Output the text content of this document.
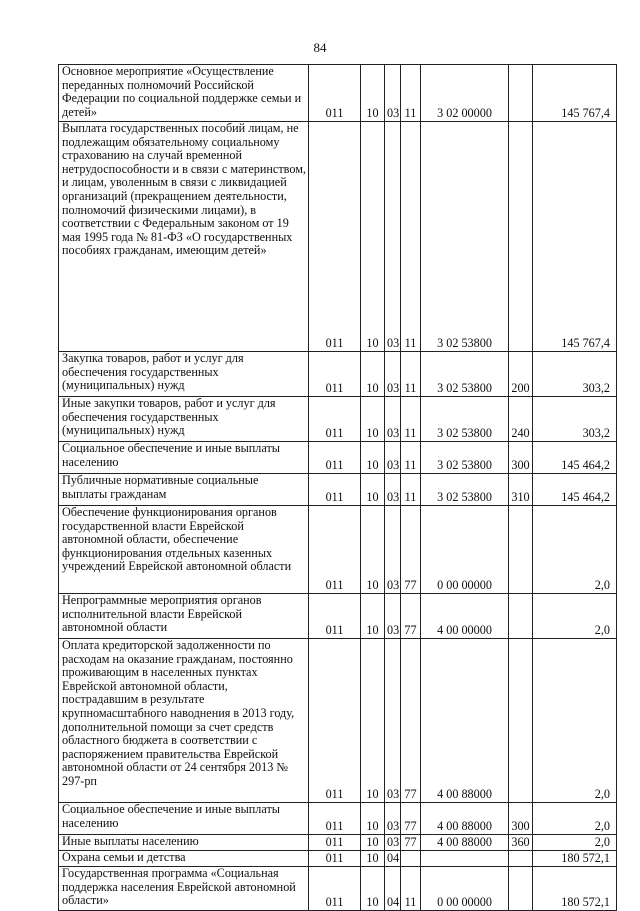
84
Основное мероприятие «Осуществление переданных полномочий Российской Федерации по социальной поддержке семьи и детей»	011	10	03	11	3 02 00000		145 767,4
Выплата государственных пособий лицам, не подлежащим обязательному социальному страхованию на случай временной нетрудоспособности и в связи с материнством, и лицам, уволенным в связи с ликвидацией организаций (прекращением деятельности, полномочий физическими лицами), в соответствии с Федеральным законом от 19 мая 1995 года № 81-ФЗ «О государственных пособиях гражданам, имеющим детей»	011	10	03	11	3 02 53800		145 767,4
Закупка товаров, работ и услуг для обеспечения государственных (муниципальных) нужд	011	10	03	11	3 02 53800	200	303,2
Иные закупки товаров, работ и услуг для обеспечения государственных (муниципальных) нужд	011	10	03	11	3 02 53800	240	303,2
Социальное обеспечение и иные выплаты населению	011	10	03	11	3 02 53800	300	145 464,2
Публичные нормативные социальные выплаты гражданам	011	10	03	11	3 02 53800	310	145 464,2
Обеспечение функционирования органов государственной власти Еврейской автономной области, обеспечение функционирования отдельных казенных учреждений Еврейской автономной области	011	10	03	77	0 00 00000		2,0
Непрограммные мероприятия органов исполнительной власти Еврейской автономной области	011	10	03	77	4 00 00000		2,0
Оплата кредиторской задолженности по расходам на оказание гражданам, постоянно проживающим в населенных пунктах Еврейской автономной области, пострадавшим в результате крупномасштабного наводнения в 2013 году, дополнительной помощи за счет средств областного бюджета в соответствии с распоряжением правительства Еврейской автономной области от 24 сентября 2013 № 297-рп	011	10	03	77	4 00 88000		2,0
Социальное обеспечение и иные выплаты населению	011	10	03	77	4 00 88000	300	2,0
Иные выплаты населению	011	10	03	77	4 00 88000	360	2,0
Охрана семьи и детства	011	10	04				180 572,1
Государственная программа «Социальная поддержка населения Еврейской автономной области»	011	10	04	11	0 00 00000		180 572,1
